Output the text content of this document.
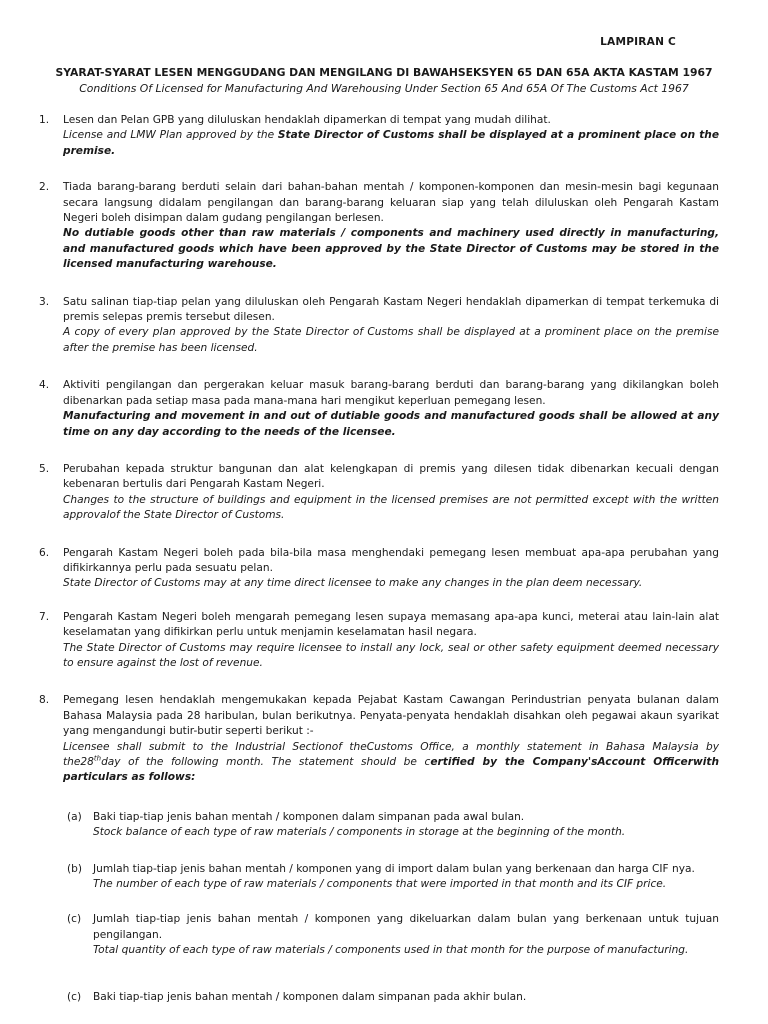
LAMPIRAN C
SYARAT-SYARAT LESEN MENGGUDANG DAN MENGILANG DI BAWAHSEKSYEN 65 DAN 65A AKTA KASTAM 1967
Conditions Of Licensed for Manufacturing And Warehousing Under Section 65 And 65A Of The Customs Act 1967
1. Lesen dan Pelan GPB yang diluluskan hendaklah dipamerkan di tempat yang mudah dilihat.

License and LMW Plan approved by the State Director of Customs shall be displayed at a prominent place on the premise.

2. Tiada barang-barang berduti selain dari bahan-bahan mentah / komponen-komponen dan mesin-mesin bagi kegunaan secara langsung didalam pengilangan dan barang-barang keluaran siap yang telah diluluskan oleh Pengarah Kastam Negeri boleh disimpan dalam gudang pengilangan berlesen.

No dutiable goods other than raw materials / components and machinery used directly in manufacturing, and manufactured goods which have been approved by the State Director of Customs may be stored in the licensed manufacturing warehouse.

3. Satu salinan tiap-tiap pelan yang diluluskan oleh Pengarah Kastam Negeri hendaklah dipamerkan di tempat terkemuka di premis selepas premis tersebut dilesen.

A copy of every plan approved by the State Director of Customs shall be displayed at a prominent place on the premise after the premise has been licensed.

4. Aktiviti pengilangan dan pergerakan keluar masuk barang-barang berduti dan barang-barang yang dikilangkan boleh dibenarkan pada setiap masa pada mana-mana hari mengikut keperluan pemegang lesen.

Manufacturing and movement in and out of dutiable goods and manufactured goods shall be allowed at any time on any day according to the needs of the licensee.

5. Perubahan kepada struktur bangunan dan alat kelengkapan di premis yang dilesen tidak dibenarkan kecuali dengan kebenaran bertulis dari Pengarah Kastam Negeri.

Changes to the structure of buildings and equipment in the licensed premises are not permitted except with the written approvalof the State Director of Customs.

6. Pengarah Kastam Negeri boleh pada bila-bila masa menghendaki pemegang lesen membuat apa-apa perubahan yang difikirkannya perlu pada sesuatu pelan.

State Director of Customs may at any time direct licensee to make any changes in the plan deem necessary.

7. Pengarah Kastam Negeri boleh mengarah pemegang lesen supaya memasang apa-apa kunci, meterai atau lain-lain alat keselamatan yang difikirkan perlu untuk menjamin keselamatan hasil negara.

The State Director of Customs may require licensee to install any lock, seal or other safety equipment deemed necessary to ensure against the lost of revenue.

8. Pemegang lesen hendaklah mengemukakan kepada Pejabat Kastam Cawangan Perindustrian penyata bulanan dalam Bahasa Malaysia pada 28 haribulan, bulan berikutnya. Penyata-penyata hendaklah disahkan oleh pegawai akaun syarikat yang mengandungi butir-butir seperti berikut :-

Licensee shall submit to the Industrial Sectionof theCustoms Office, a monthly statement in Bahasa Malaysia by the28thday of the following month. The statement should be certified by the Company'sAccount Officerwith particulars as follows:

(a) Baki tiap-tiap jenis bahan mentah / komponen dalam simpanan pada awal bulan.

Stock balance of each type of raw materials / components in storage at the beginning of the month.

(b) Jumlah tiap-tiap jenis bahan mentah / komponen yang di import dalam bulan yang berkenaan dan harga CIF nya.

The number of each type of raw materials / components that were imported in that month and its CIF price.

(c) Jumlah tiap-tiap jenis bahan mentah / komponen yang dikeluarkan dalam bulan yang berkenaan untuk tujuan pengilangan.

Total quantity of each type of raw materials / components used in that month for the purpose of manufacturing.

(c) Baki tiap-tiap jenis bahan mentah / komponen dalam simpanan pada akhir bulan.
